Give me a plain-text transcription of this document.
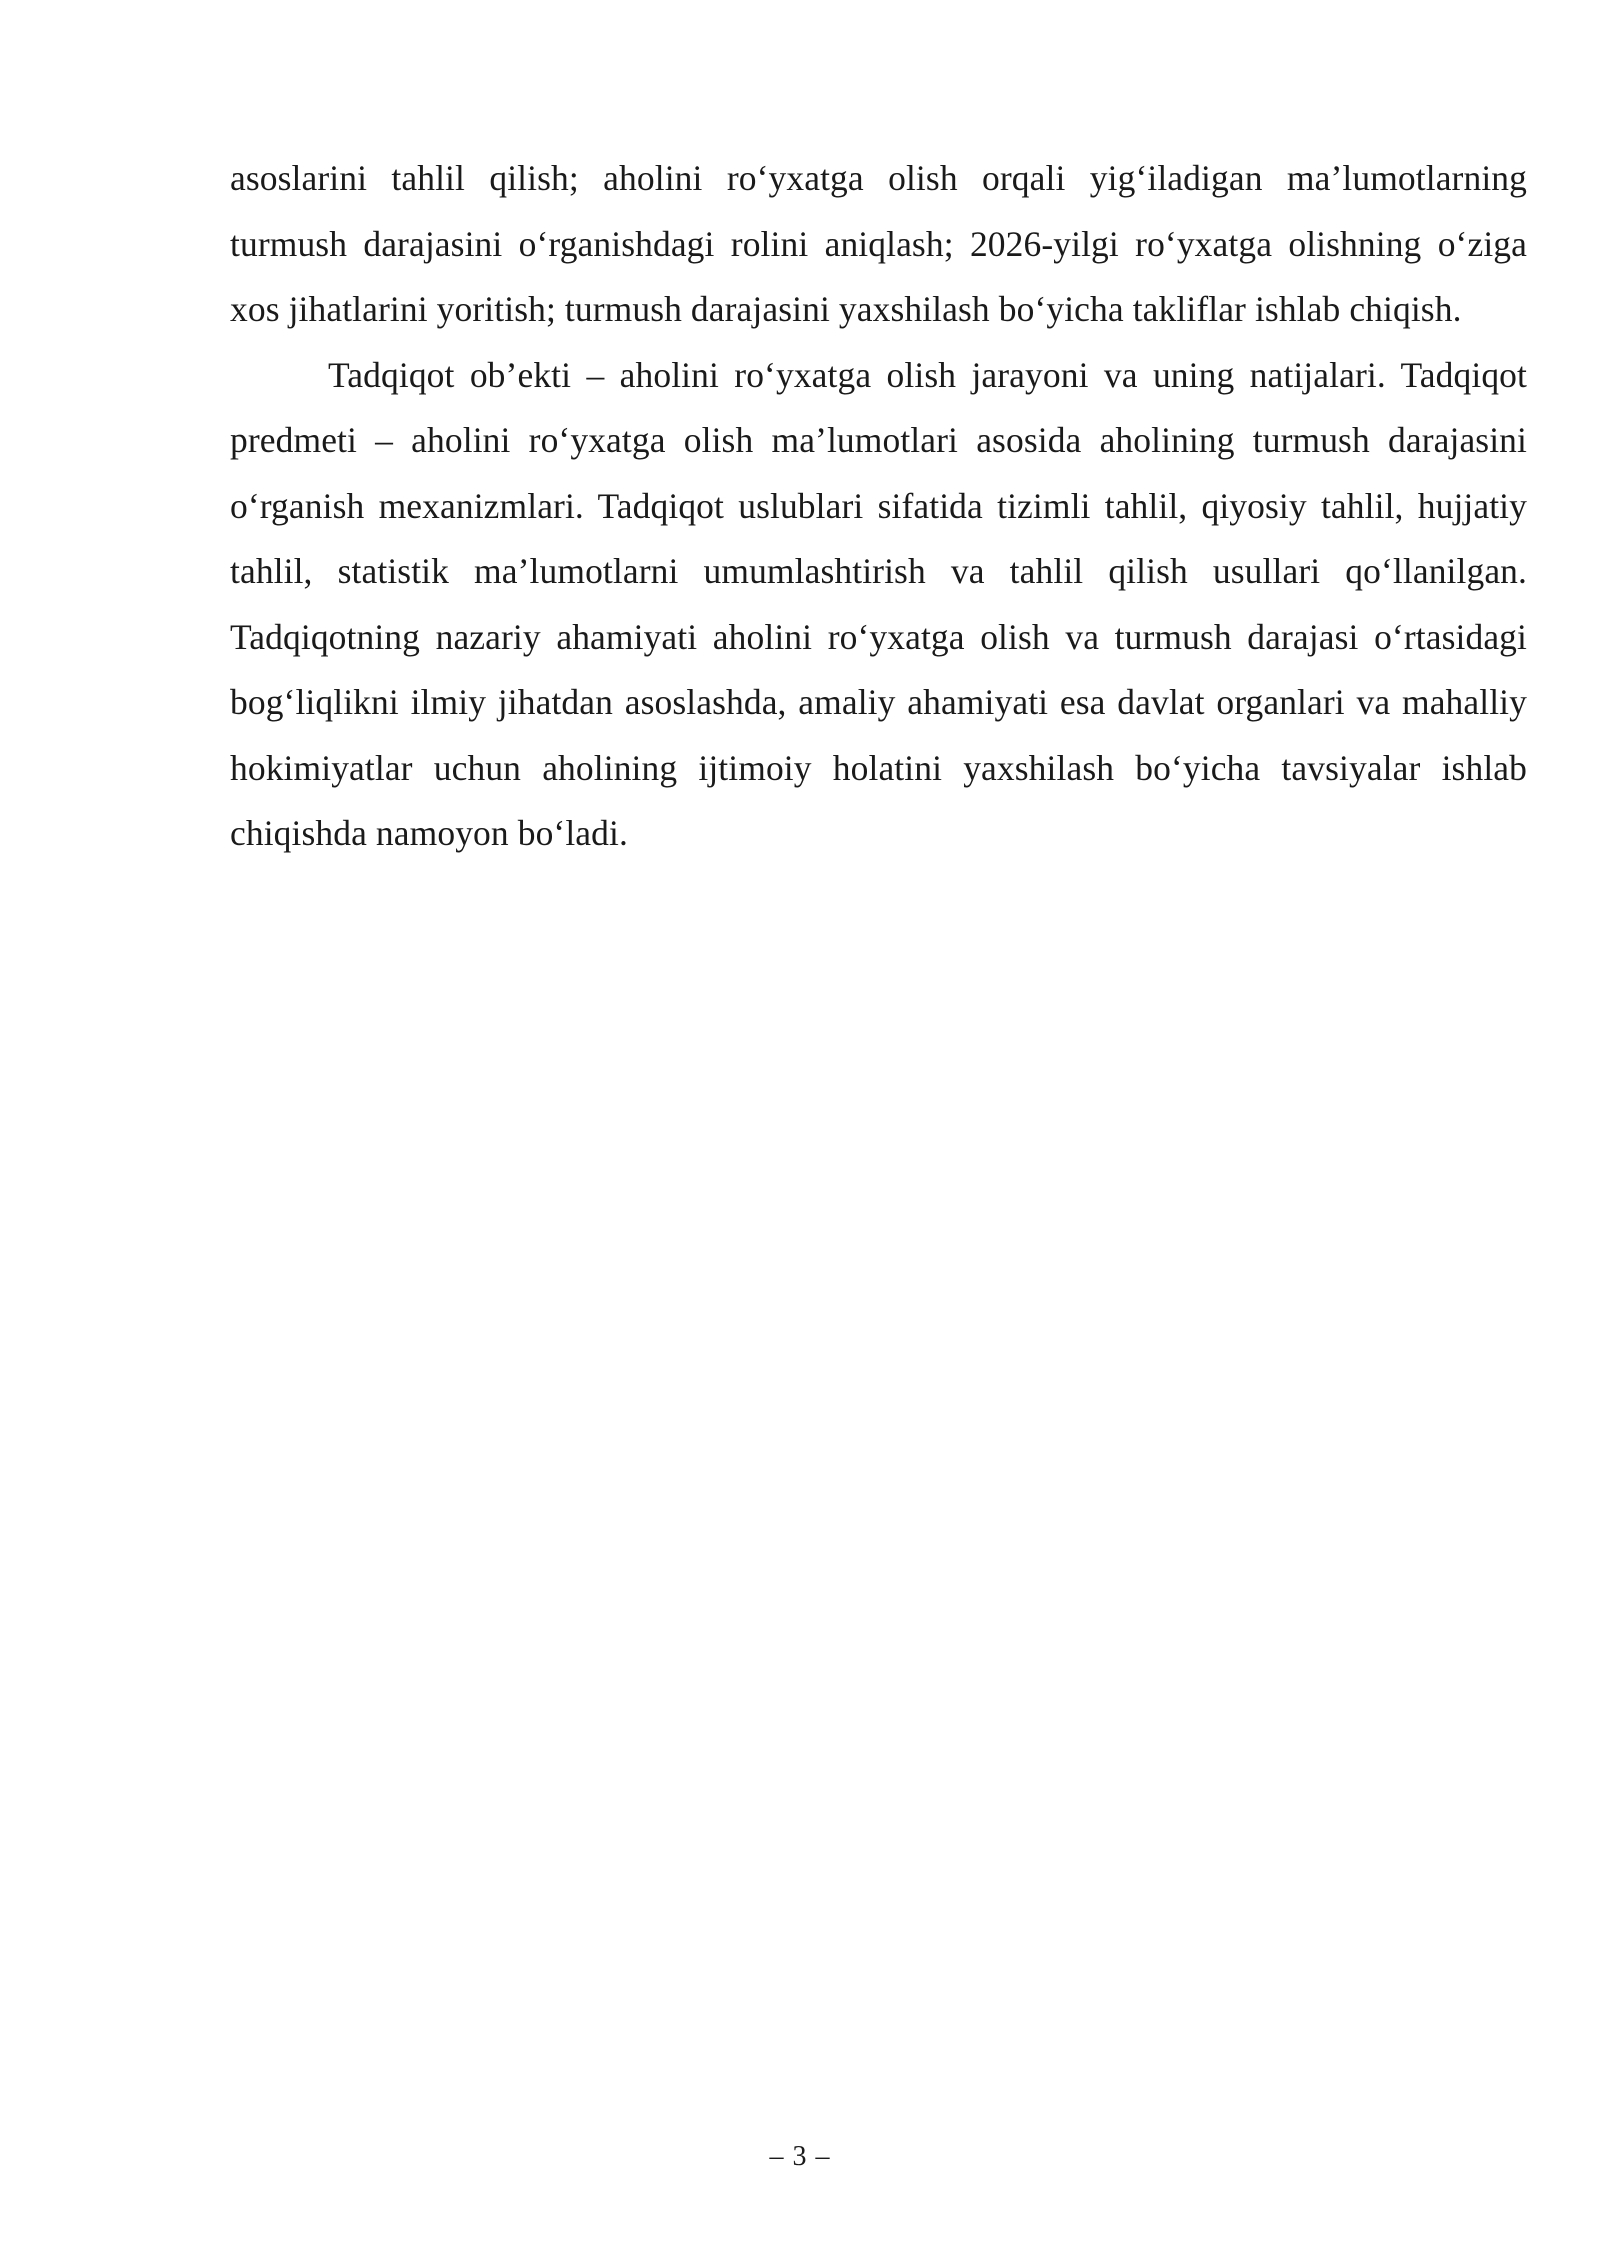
asoslarini tahlil qilish; aholini ro‘yxatga olish orqali yig‘iladigan ma’lumotlarning turmush darajasini o‘rganishdagi rolini aniqlash; 2026-yilgi ro‘yxatga olishning o‘ziga xos jihatlarini yoritish; turmush darajasini yaxshilash bo‘yicha takliflar ishlab chiqish.

Tadqiqot ob’ekti – aholini ro‘yxatga olish jarayoni va uning natijalari. Tadqiqot predmeti – aholini ro‘yxatga olish ma’lumotlari asosida aholining turmush darajasini o‘rganish mexanizmlari. Tadqiqot uslublari sifatida tizimli tahlil, qiyosiy tahlil, hujjatiy tahlil, statistik ma’lumotlarni umumlashtirish va tahlil qilish usullari qo‘llanilgan. Tadqiqotning nazariy ahamiyati aholini ro‘yxatga olish va turmush darajasi o‘rtasidagi bog‘liqlikni ilmiy jihatdan asoslashda, amaliy ahamiyati esa davlat organlari va mahalliy hokimiyatlar uchun aholining ijtimoiy holatini yaxshilash bo‘yicha tavsiyalar ishlab chiqishda namoyon bo‘ladi.

– 3 –
